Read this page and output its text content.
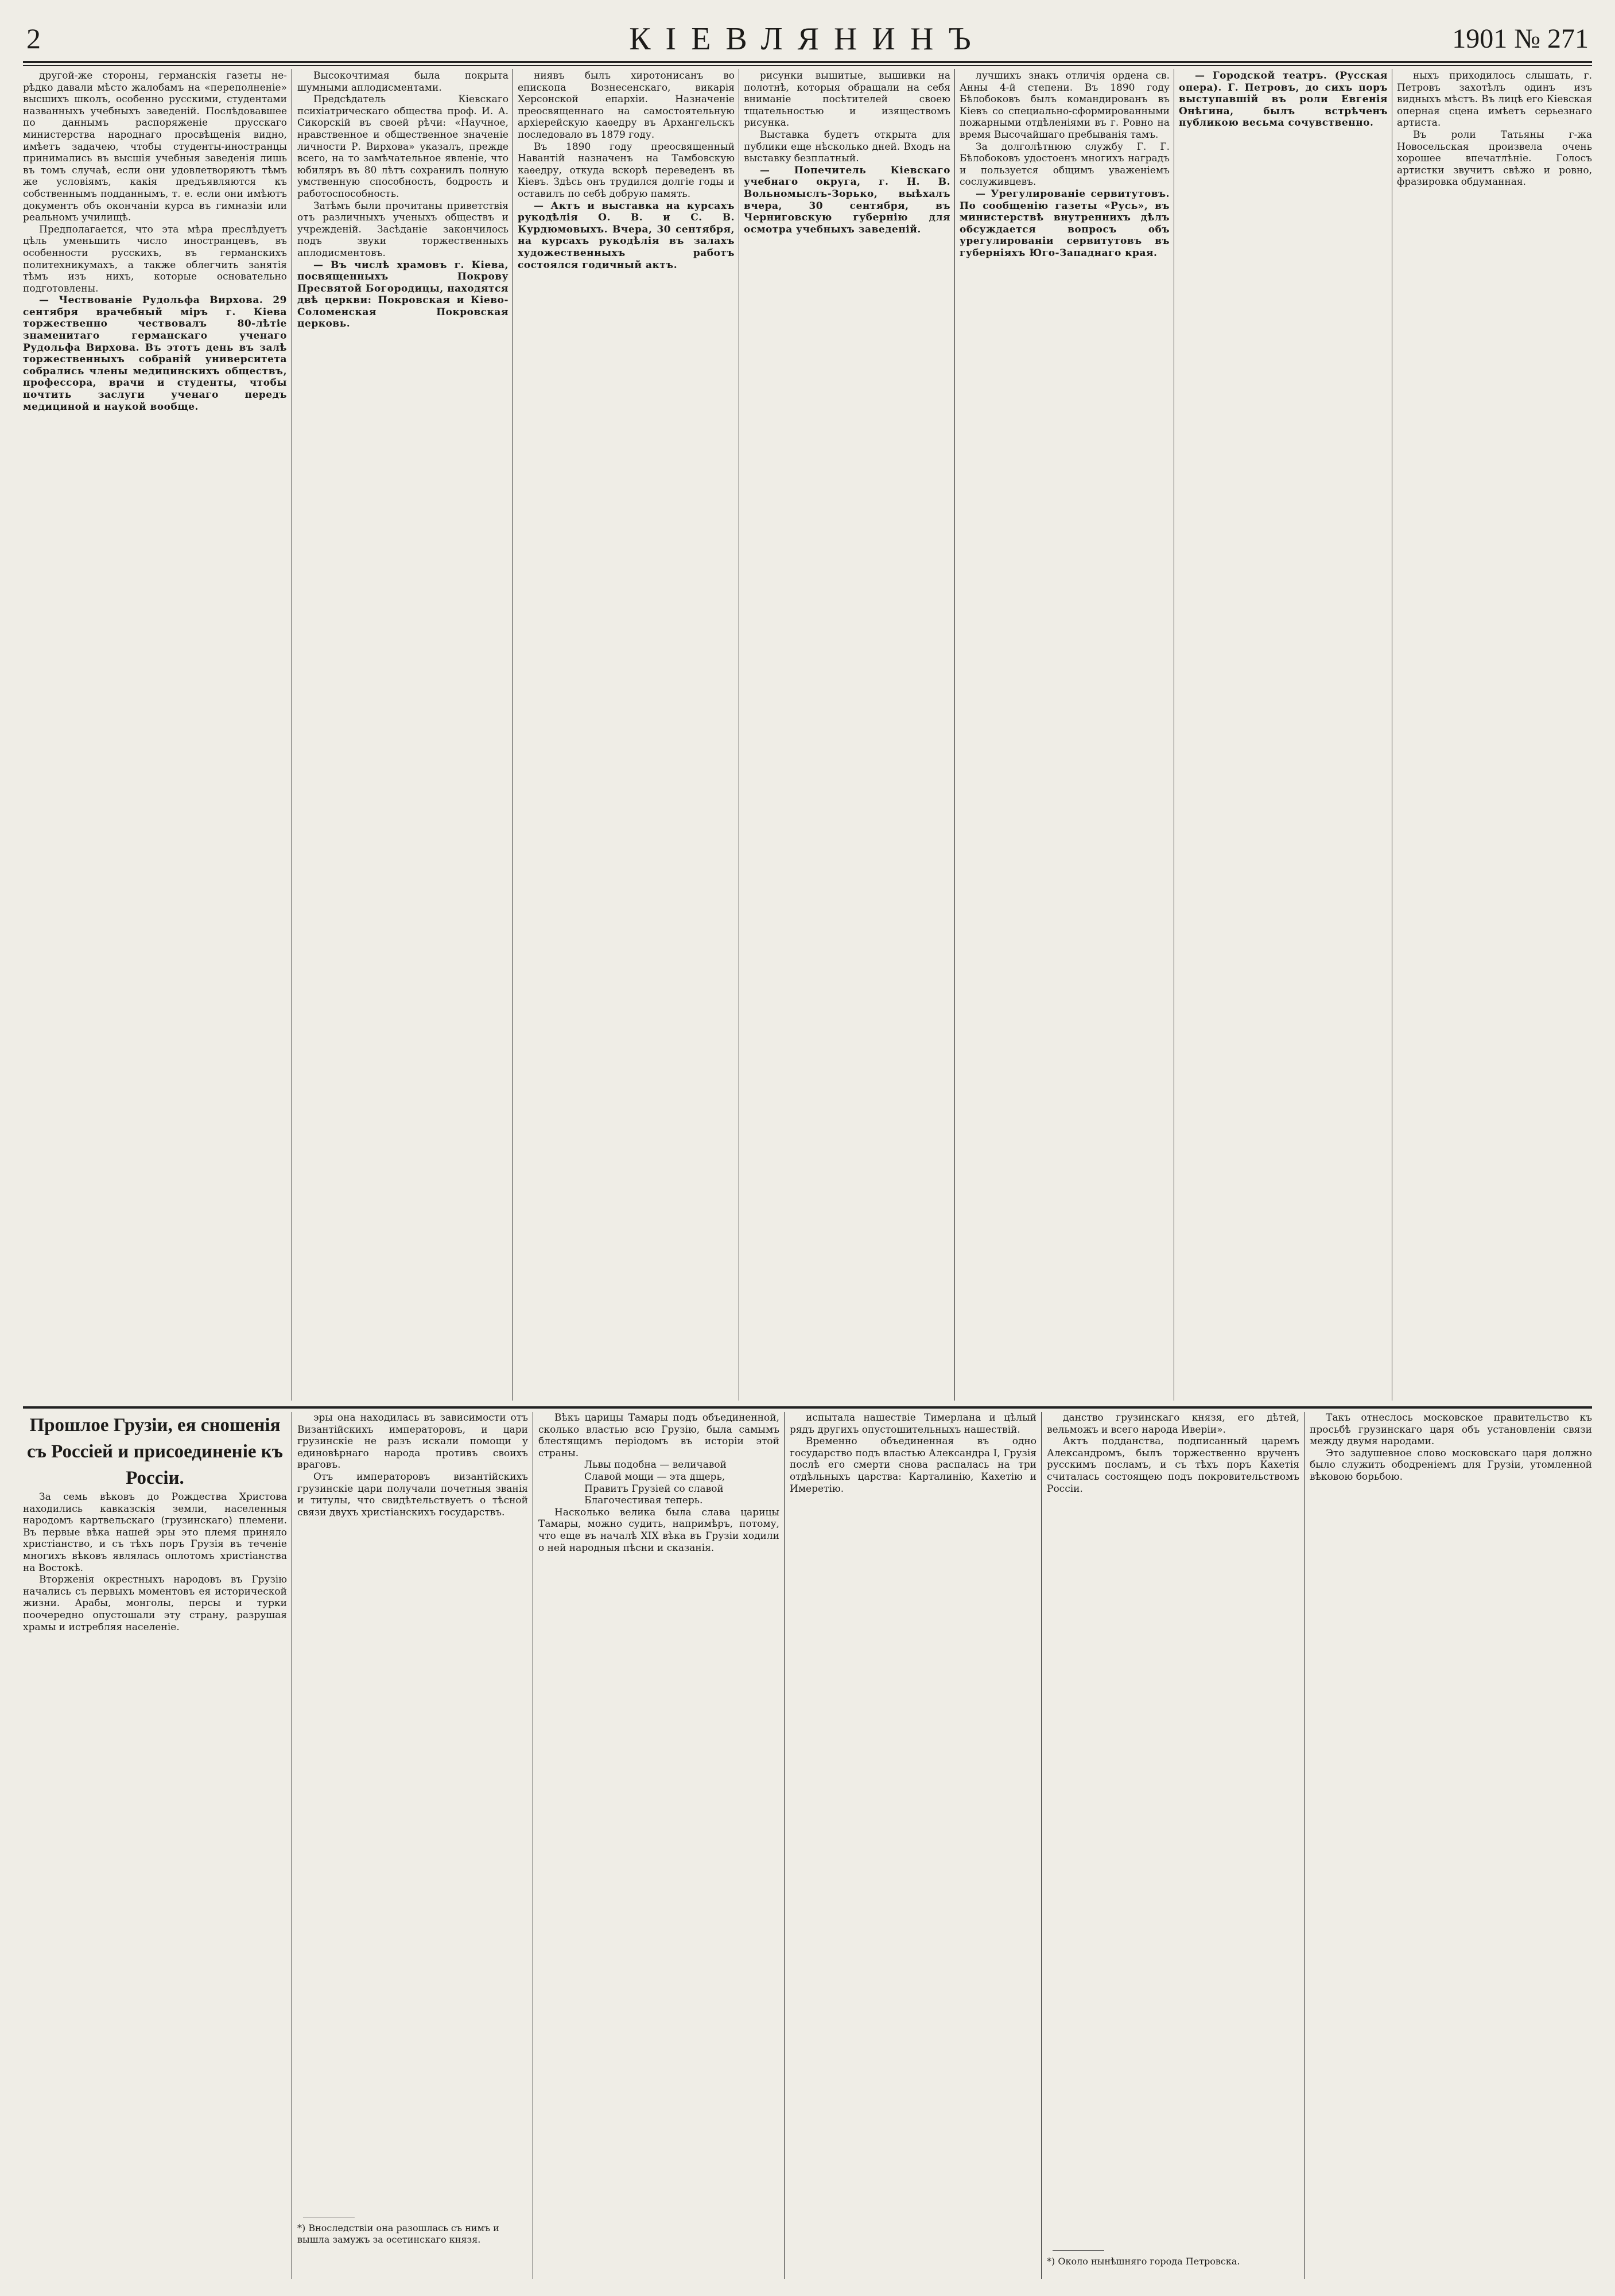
2	КІЕВЛЯНИНЪ	1901 № 271

другой-же стороны, германскія газеты не-рѣдко давали мѣсто жалобамъ на «переполненіе» высшихъ школъ, особенно русскими, студентами названныхъ учебныхъ заведеній. Послѣдовавшее по даннымъ распоряженіе прусскаго министерства народнаго просвѣщенія видно, имѣетъ задачею, чтобы студенты-иностранцы принимались въ высшія учебныя заведенія лишь въ томъ случаѣ, если они удовлетворяютъ тѣмъ же условіямъ, какія предъявляются къ собственнымъ подданнымъ, т. е. если они имѣютъ документъ объ окончаніи курса въ гимназіи или реальномъ училищѣ.

Предполагается, что эта мѣра преслѣдуетъ цѣль уменьшить число иностранцевъ, въ особенности русскихъ, въ германскихъ политехникумахъ, а также облегчить занятія тѣмъ изъ нихъ, которые основательно подготовлены.

— Чествованіе Рудольфа Вирхова. 29 сентября врачебный міръ г. Кіева торжественно чествовалъ 80-лѣтіе знаменитаго германскаго ученаго Рудольфа Вирхова. Въ этотъ день въ залѣ торжественныхъ собраній университета собрались члены медицинскихъ обществъ, профессора, врачи и студенты, чтобы почтить заслуги ученаго передъ медициной и наукой вообще.

Высокочтимая была покрыта шумными аплодисментами.

Предсѣдатель Кіевскаго психіатрическаго общества проф. И. А. Сикорскій въ своей рѣчи: «Научное, нравственное и общественное значеніе личности Р. Вирхова» указалъ, прежде всего, на то замѣчательное явленіе, что юбиляръ въ 80 лѣтъ сохранилъ полную умственную способность, бодрость и работоспособность.

Затѣмъ были прочитаны приветствія отъ различныхъ ученыхъ обществъ и учрежденій. Засѣданіе закончилось подъ звуки торжественныхъ аплодисментовъ.

— Въ числѣ храмовъ г. Кіева, посвященныхъ Покрову Пресвятой Богородицы, находятся двѣ церкви: Покровская и Кіево-Соломенская Покровская церковь.

ниявъ былъ хиротонисанъ во епископа Вознесенскаго, викарія Херсонской епархіи. Назначеніе преосвященнаго на самостоятельную архіерейскую каѳедру въ Архангельскъ последовало въ 1879 году.

Въ 1890 году преосвященный Навантій назначенъ на Тамбовскую каѳедру, откуда вскорѣ переведенъ въ Кіевъ. Здѣсь онъ трудился долгіе годы и оставилъ по себѣ добрую память.

— Актъ и выставка на курсахъ рукодѣлія О. В. и С. В. Курдюмовыхъ. Вчера, 30 сентября, на курсахъ рукодѣлія въ залахъ художественныхъ работъ состоялся годичный актъ.

рисунки вышитые, вышивки на полотнѣ, которыя обращали на себя вниманіе посѣтителей своею тщательностью и изяществомъ рисунка.

Выставка будетъ открыта для публики еще нѣсколько дней. Входъ на выставку безплатный.

— Попечитель Кіевскаго учебнаго округа, г. Н. В. Вольномыслъ-Зорько, выѣхалъ вчера, 30 сентября, въ Черниговскую губернію для осмотра учебныхъ заведеній.

лучшихъ знакъ отличія ордена св. Анны 4-й степени. Въ 1890 году Бѣлобоковъ былъ командированъ въ Кіевъ со специально-сформированными пожарными отдѣленіями въ г. Ровно на время Высочайшаго пребыванія тамъ.

За долголѣтнюю службу Г. Г. Бѣлобоковъ удостоенъ многихъ наградъ и пользуется общимъ уваженіемъ сослуживцевъ.

— Урегулированіе сервитутовъ. По сообщенію газеты «Русь», въ министерствѣ внутреннихъ дѣлъ обсуждается вопросъ объ урегулированіи сервитутовъ въ губерніяхъ Юго-Западнаго края.

— Городской театръ. (Русская опера). Г. Петровъ, до сихъ поръ выступавшій въ роли Евгенія Онѣгина, былъ встрѣченъ публикою весьма сочувственно.

ныхъ приходилось слышать, г. Петровъ захотѣлъ одинъ изъ видныхъ мѣстъ. Въ лицѣ его Кіевская оперная сцена имѣетъ серьезнаго артиста.

Въ роли Татьяны г-жа Новосельская произвела очень хорошее впечатлѣніе. Голосъ артистки звучитъ свѣжо и ровно, фразировка обдуманная.

Прошлое Грузіи, ея сношенія съ Россіей и присоединеніе къ Россіи.

За семь вѣковъ до Рождества Христова находились кавказскія земли, населенныя народомъ картвельскаго (грузинскаго) племени. Въ первые вѣка нашей эры это племя приняло христіанство, и съ тѣхъ поръ Грузія въ теченіе многихъ вѣковъ являлась оплотомъ христіанства на Востокѣ.

Вторженія окрестныхъ народовъ въ Грузію начались съ первыхъ моментовъ ея исторической жизни. Арабы, монголы, персы и турки поочередно опустошали эту страну, разрушая храмы и истребляя населеніе.

эры она находилась въ зависимости отъ Византійскихъ императоровъ, и цари грузинскіе не разъ искали помощи у единовѣрнаго народа противъ своихъ враговъ.

Отъ императоровъ византійскихъ грузинскіе цари получали почетныя званія и титулы, что свидѣтельствуетъ о тѣсной связи двухъ христіанскихъ государствъ.

*) Вноследствіи она разошлась съ нимъ и вышла замужъ за осетинскаго князя.

Вѣкъ царицы Тамары подъ объединенной, сколько властью всю Грузію, была самымъ блестящимъ періодомъ въ исторіи этой страны.

Львы подобна — величавой

Славой мощи — эта дщерь,

Правитъ Грузіей со славой

Благочестивая теперь.

Насколько велика была слава царицы Тамары, можно судить, напримѣръ, потому, что еще въ началѣ XIX вѣка въ Грузіи ходили о ней народныя пѣсни и сказанія.

испытала нашествіе Тимерлана и цѣлый рядъ другихъ опустошительныхъ нашествій.

Временно объединенная въ одно государство подъ властью Александра I, Грузія послѣ его смерти снова распалась на три отдѣльныхъ царства: Карталинію, Кахетію и Имеретію.

данство грузинскаго князя, его дѣтей, вельможъ и всего народа Иверіи».

Актъ подданства, подписанный царемъ Александромъ, былъ торжественно врученъ русскимъ посламъ, и съ тѣхъ поръ Кахетія считалась состоящею подъ покровительствомъ Россіи.

*) Около нынѣшняго города Петровска.

Такъ отнеслось московское правительство къ просьбѣ грузинскаго царя объ установленіи связи между двумя народами.

Это задушевное слово московскаго царя должно было служить ободреніемъ для Грузіи, утомленной вѣковою борьбою.
